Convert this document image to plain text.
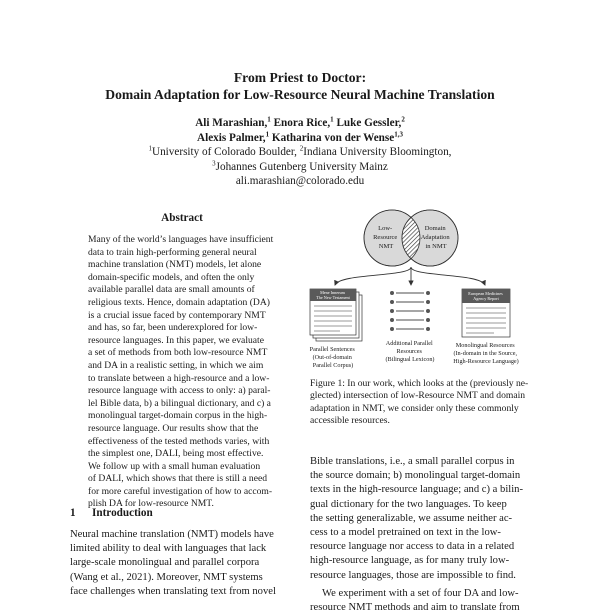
From Priest to Doctor:
Domain Adaptation for Low-Resource Neural Machine Translation
Ali Marashian,$^1$ Enora Rice,$^1$ Luke Gessler,$^2$
Alexis Palmer,$^1$ Katharina von der Wense$^{1,3}$
$^1$University of Colorado Boulder, $^2$Indiana University Bloomington,
$^3$Johannes Gutenberg University Mainz
ali.marashian@colorado.edu
Abstract

Many of the world’s languages have insufficient

data to train high-performing general neural

machine translation (NMT) models, let alone

domain-specific models, and often the only

available parallel data are small amounts of

religious texts. Hence, domain adaptation (DA)

is a crucial issue faced by contemporary NMT

and has, so far, been underexplored for low-

resource languages. In this paper, we evaluate

a set of methods from both low-resource NMT

and DA in a realistic setting, in which we aim

to translate between a high-resource and a low-

resource language with access to only: a) paral-

lel Bible data, b) a bilingual dictionary, and c) a

monolingual target-domain corpus in the high-

resource language. Our results show that the

effectiveness of the tested methods varies, with

the simplest one, DALI, being most effective.

We follow up with a small human evaluation

of DALI, which shows that there is still a need

for more careful investigation of how to accom-

plish DA for low-resource NMT.

1 Introduction

Neural machine translation (NMT) models have

limited ability to deal with languages that lack

large-scale monolingual and parallel corpora

(Wang et al., 2021). Moreover, NMT systems

face challenges when translating text from novel

Low- Resource NMT
Domain Adaptation in NMT
Mene Innerum The New Testament
European Medicines Agency Report
Parallel Sentences (Out-of-domain Parallel Corpus)
Additional Parallel Resources (Bilingual Lexicon)
Monolingual Resources (In-domain in the Source, High-Resource Language)

Figure 1: In our work, which looks at the (previously ne-

glected) intersection of low-Resource NMT and domain

adaptation in NMT, we consider only these commonly

accessible resources.

Bible translations, i.e., a small parallel corpus in

the source domain; b) monolingual target-domain

texts in the high-resource language; and c) a bilin-

gual dictionary for the two languages. To keep

the setting generalizable, we assume neither ac-

cess to a model pretrained on text in the low-

resource language nor access to data in a related

high-resource language, as for many truly low-

resource languages, those are impossible to find.

We experiment with a set of four DA and low-

resource NMT methods and aim to translate from
